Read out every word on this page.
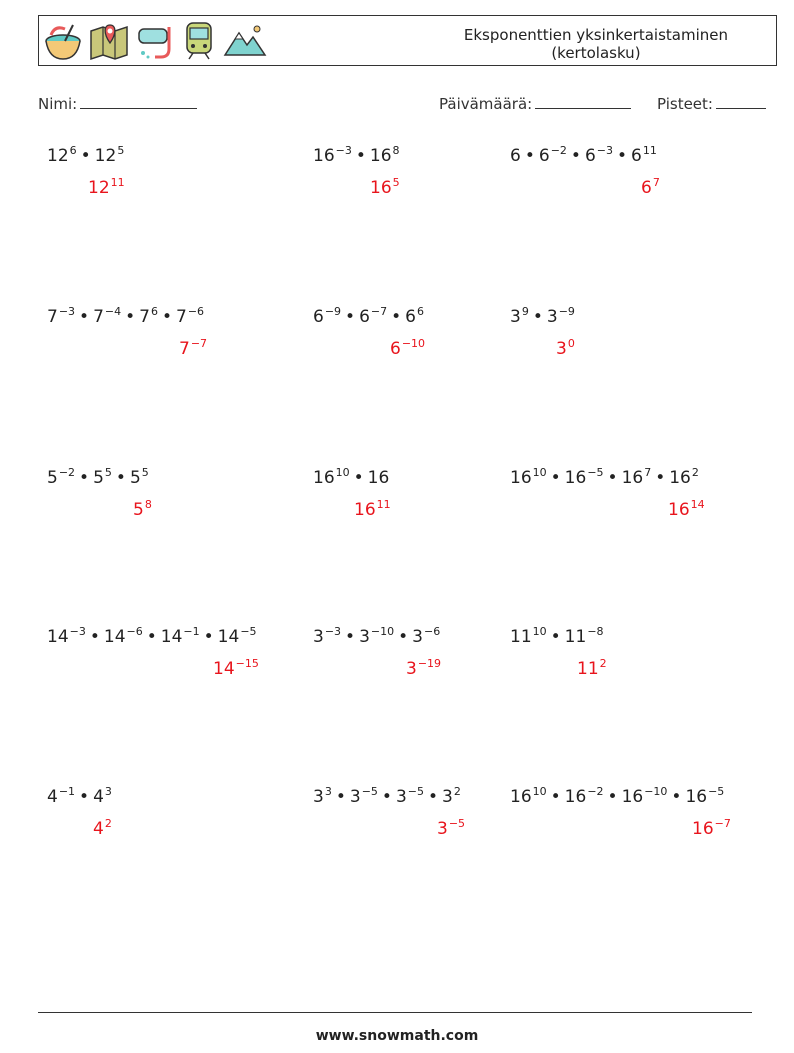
Eksponenttien yksinkertaistaminen
(kertolasku)
Nimi:	Päivämäärä:	Pisteet:
$12^6$ • $12^5$
$12^{11}$
$16^{-3}$ • $16^8$
$16^5$
6 • $6^{-2}$ • $6^{-3}$ • $6^{11}$
$6^7$
$7^{-3}$ • $7^{-4}$ • $7^6$ • $7^{-6}$
$7^{-7}$
$6^{-9}$ • $6^{-7}$ • $6^6$
$6^{-10}$
$3^9$ • $3^{-9}$
$3^0$
$5^{-2}$ • $5^5$ • $5^5$
$5^8$
$16^{10}$ • 16
$16^{11}$
$16^{10}$ • $16^{-5}$ • $16^7$ • $16^2$
$16^{14}$
$14^{-3}$ • $14^{-6}$ • $14^{-1}$ • $14^{-5}$
$14^{-15}$
$3^{-3}$ • $3^{-10}$ • $3^{-6}$
$3^{-19}$
$11^{10}$ • $11^{-8}$
$11^2$
$4^{-1}$ • $4^3$
$4^2$
$3^3$ • $3^{-5}$ • $3^{-5}$ • $3^2$
$3^{-5}$
$16^{10}$ • $16^{-2}$ • $16^{-10}$ • $16^{-5}$
$16^{-7}$
www.snowmath.com
